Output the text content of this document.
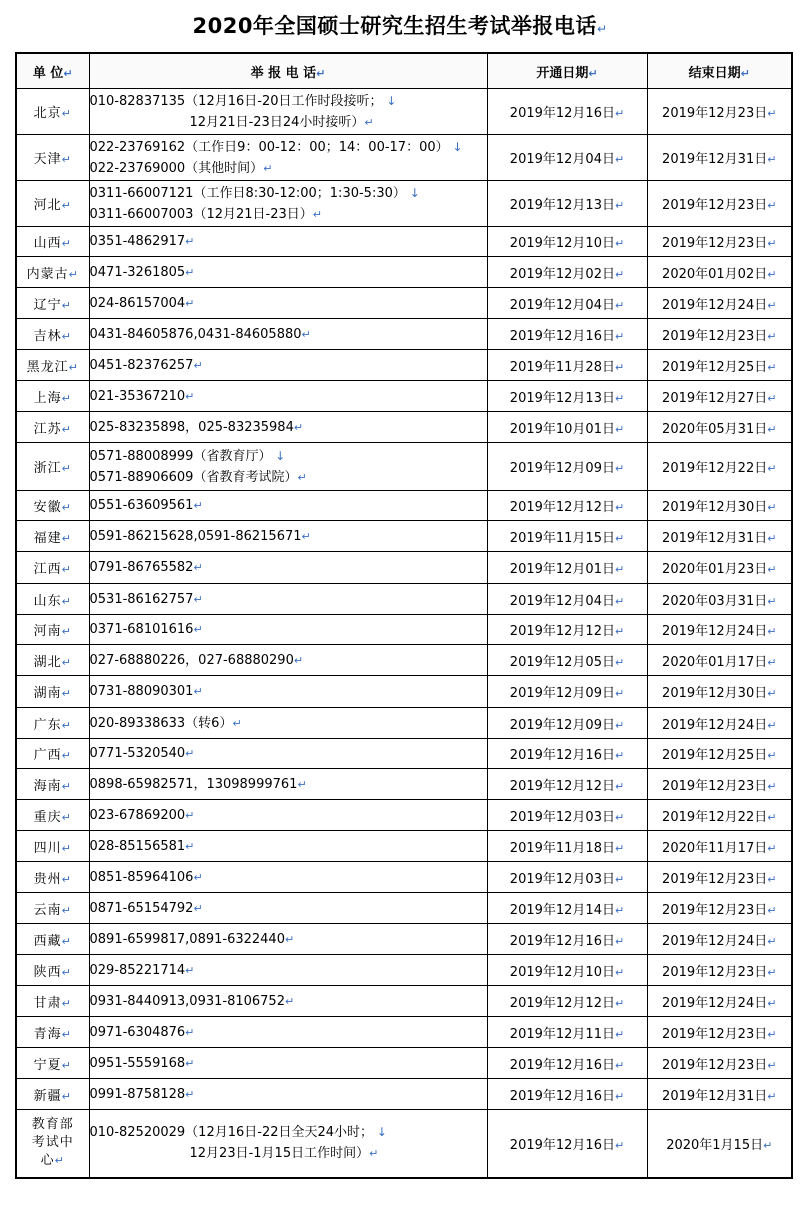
2020年全国硕士研究生招生考试举报电话↵
单 位↵	举 报 电 话↵	开通日期↵	结束日期↵
北京↵	010-82837135（12月16日-20日工作时段接听； ↓
12月21日-23日24小时接听）↵	2019年12月16日↵	2019年12月23日↵
天津↵	022-23769162（工作日9：00-12：00；14：00-17：00） ↓
022-23769000（其他时间）↵	2019年12月04日↵	2019年12月31日↵
河北↵	0311-66007121（工作日8:30-12:00；1:30-5:30） ↓
0311-66007003（12月21日-23日）↵	2019年12月13日↵	2019年12月23日↵
山西↵	0351-4862917↵	2019年12月10日↵	2019年12月23日↵
内蒙古↵	0471-3261805↵	2019年12月02日↵	2020年01月02日↵
辽宁↵	024-86157004↵	2019年12月04日↵	2019年12月24日↵
吉林↵	0431-84605876,0431-84605880↵	2019年12月16日↵	2019年12月23日↵
黑龙江↵	0451-82376257↵	2019年11月28日↵	2019年12月25日↵
上海↵	021-35367210↵	2019年12月13日↵	2019年12月27日↵
江苏↵	025-83235898，025-83235984↵	2019年10月01日↵	2020年05月31日↵
浙江↵	0571-88008999（省教育厅） ↓
0571-88906609（省教育考试院）↵	2019年12月09日↵	2019年12月22日↵
安徽↵	0551-63609561↵	2019年12月12日↵	2019年12月30日↵
福建↵	0591-86215628,0591-86215671↵	2019年11月15日↵	2019年12月31日↵
江西↵	0791-86765582↵	2019年12月01日↵	2020年01月23日↵
山东↵	0531-86162757↵	2019年12月04日↵	2020年03月31日↵
河南↵	0371-68101616↵	2019年12月12日↵	2019年12月24日↵
湖北↵	027-68880226，027-68880290↵	2019年12月05日↵	2020年01月17日↵
湖南↵	0731-88090301↵	2019年12月09日↵	2019年12月30日↵
广东↵	020-89338633（转6）↵	2019年12月09日↵	2019年12月24日↵
广西↵	0771-5320540↵	2019年12月16日↵	2019年12月25日↵
海南↵	0898-65982571，13098999761↵	2019年12月12日↵	2019年12月23日↵
重庆↵	023-67869200↵	2019年12月03日↵	2019年12月22日↵
四川↵	028-85156581↵	2019年11月18日↵	2020年11月17日↵
贵州↵	0851-85964106↵	2019年12月03日↵	2019年12月23日↵
云南↵	0871-65154792↵	2019年12月14日↵	2019年12月23日↵
西藏↵	0891-6599817,0891-6322440↵	2019年12月16日↵	2019年12月24日↵
陕西↵	029-85221714↵	2019年12月10日↵	2019年12月23日↵
甘肃↵	0931-8440913,0931-8106752↵	2019年12月12日↵	2019年12月24日↵
青海↵	0971-6304876↵	2019年12月11日↵	2019年12月23日↵
宁夏↵	0951-5559168↵	2019年12月16日↵	2019年12月23日↵
新疆↵	0991-8758128↵	2019年12月16日↵	2019年12月31日↵
教育部考试中心↵	010-82520029（12月16日-22日全天24小时； ↓
12月23日-1月15日工作时间）↵	2019年12月16日↵	2020年1月15日↵
